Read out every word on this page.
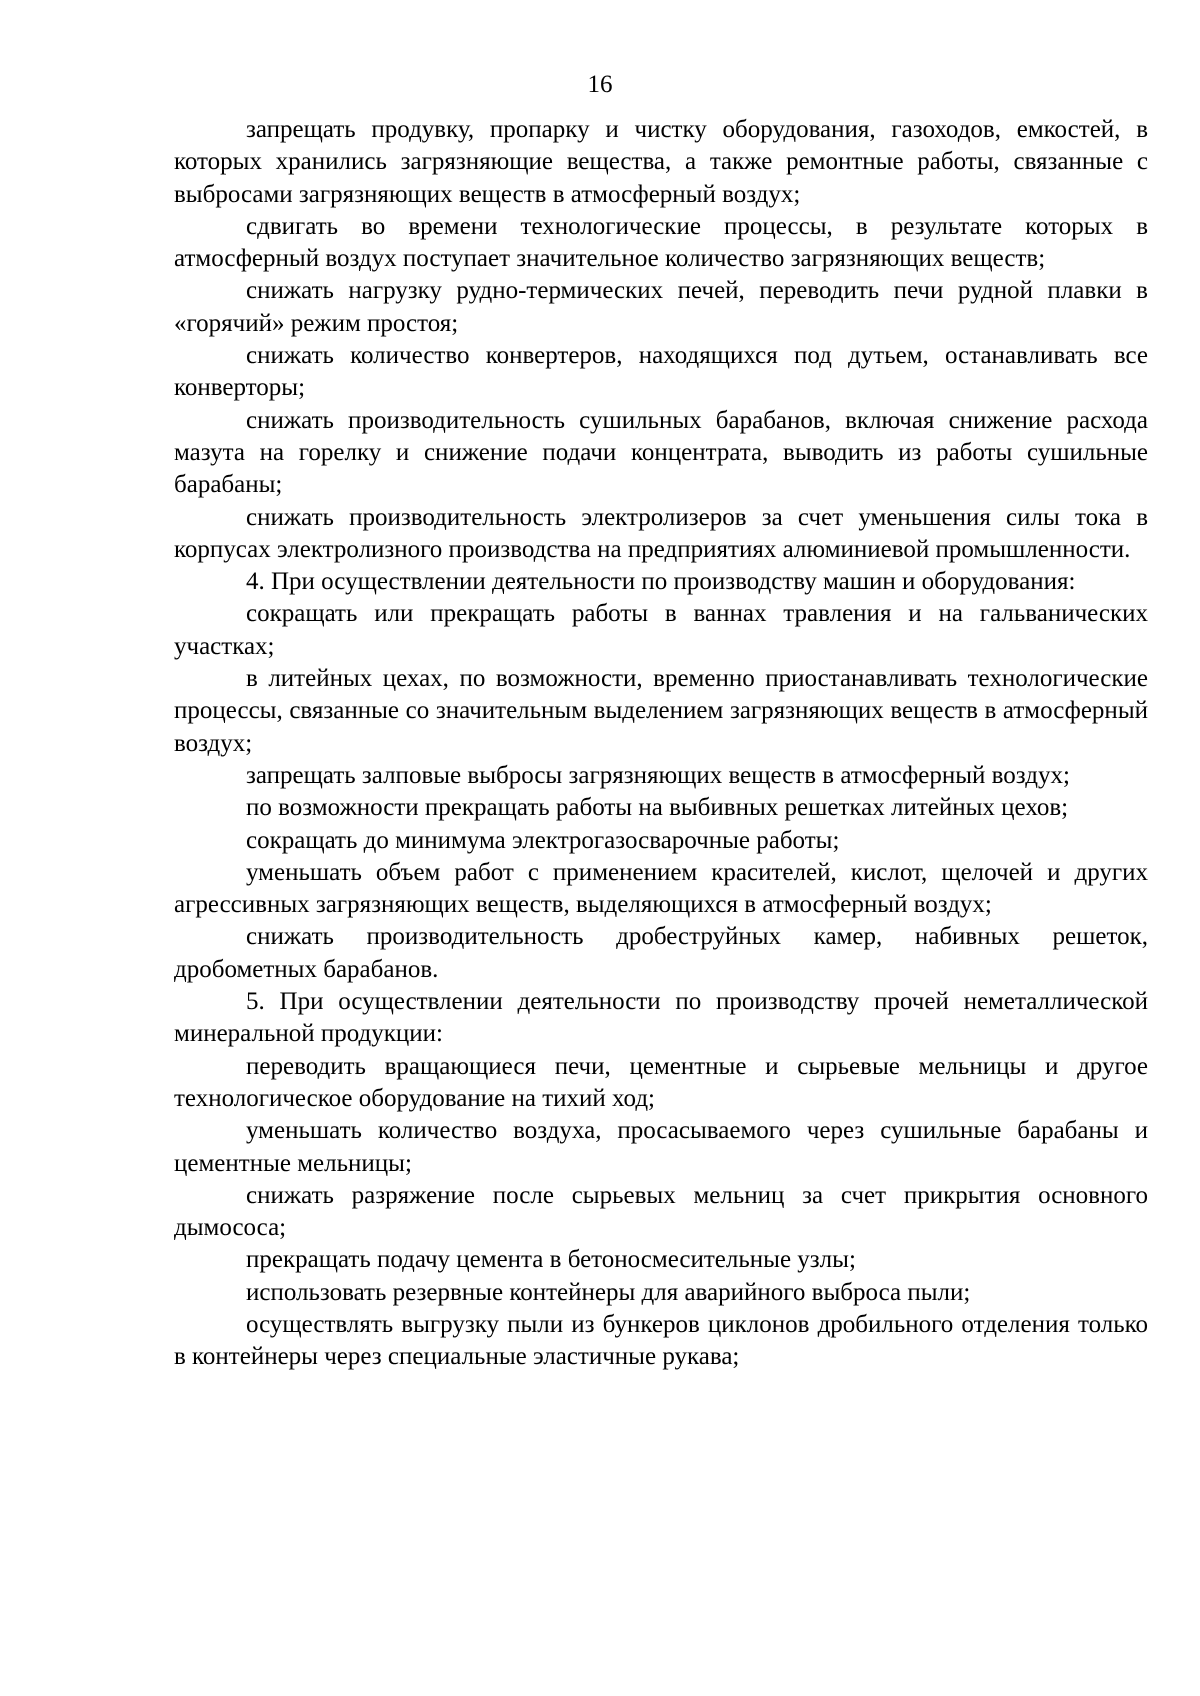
16

запрещать продувку, пропарку и чистку оборудования, газоходов, емкостей, в которых хранились загрязняющие вещества, а также ремонтные работы, связанные с выбросами загрязняющих веществ в атмосферный воздух;

сдвигать во времени технологические процессы, в результате которых в атмосферный воздух поступает значительное количество загрязняющих веществ;

снижать нагрузку рудно-термических печей, переводить печи рудной плавки в «горячий» режим простоя;

снижать количество конвертеров, находящихся под дутьем, останавливать все конверторы;

снижать производительность сушильных барабанов, включая снижение расхода мазута на горелку и снижение подачи концентрата, выводить из работы сушильные барабаны;

снижать производительность электролизеров за счет уменьшения силы тока в корпусах электролизного производства на предприятиях алюминиевой промышленности.

4. При осуществлении деятельности по производству машин и оборудования:

сокращать или прекращать работы в ваннах травления и на гальванических участках;

в литейных цехах, по возможности, временно приостанавливать технологические процессы, связанные со значительным выделением загрязняющих веществ в атмосферный воздух;

запрещать залповые выбросы загрязняющих веществ в атмосферный воздух;

по возможности прекращать работы на выбивных решетках литейных цехов;

сокращать до минимума электрогазосварочные работы;

уменьшать объем работ с применением красителей, кислот, щелочей и других агрессивных загрязняющих веществ, выделяющихся в атмосферный воздух;

снижать производительность дробеструйных камер, набивных решеток, дробометных барабанов.

5. При осуществлении деятельности по производству прочей неметаллической минеральной продукции:

переводить вращающиеся печи, цементные и сырьевые мельницы и другое технологическое оборудование на тихий ход;

уменьшать количество воздуха, просасываемого через сушильные барабаны и цементные мельницы;

снижать разряжение после сырьевых мельниц за счет прикрытия основного дымососа;

прекращать подачу цемента в бетоносмесительные узлы;

использовать резервные контейнеры для аварийного выброса пыли;

осуществлять выгрузку пыли из бункеров циклонов дробильного отделения только в контейнеры через специальные эластичные рукава;
